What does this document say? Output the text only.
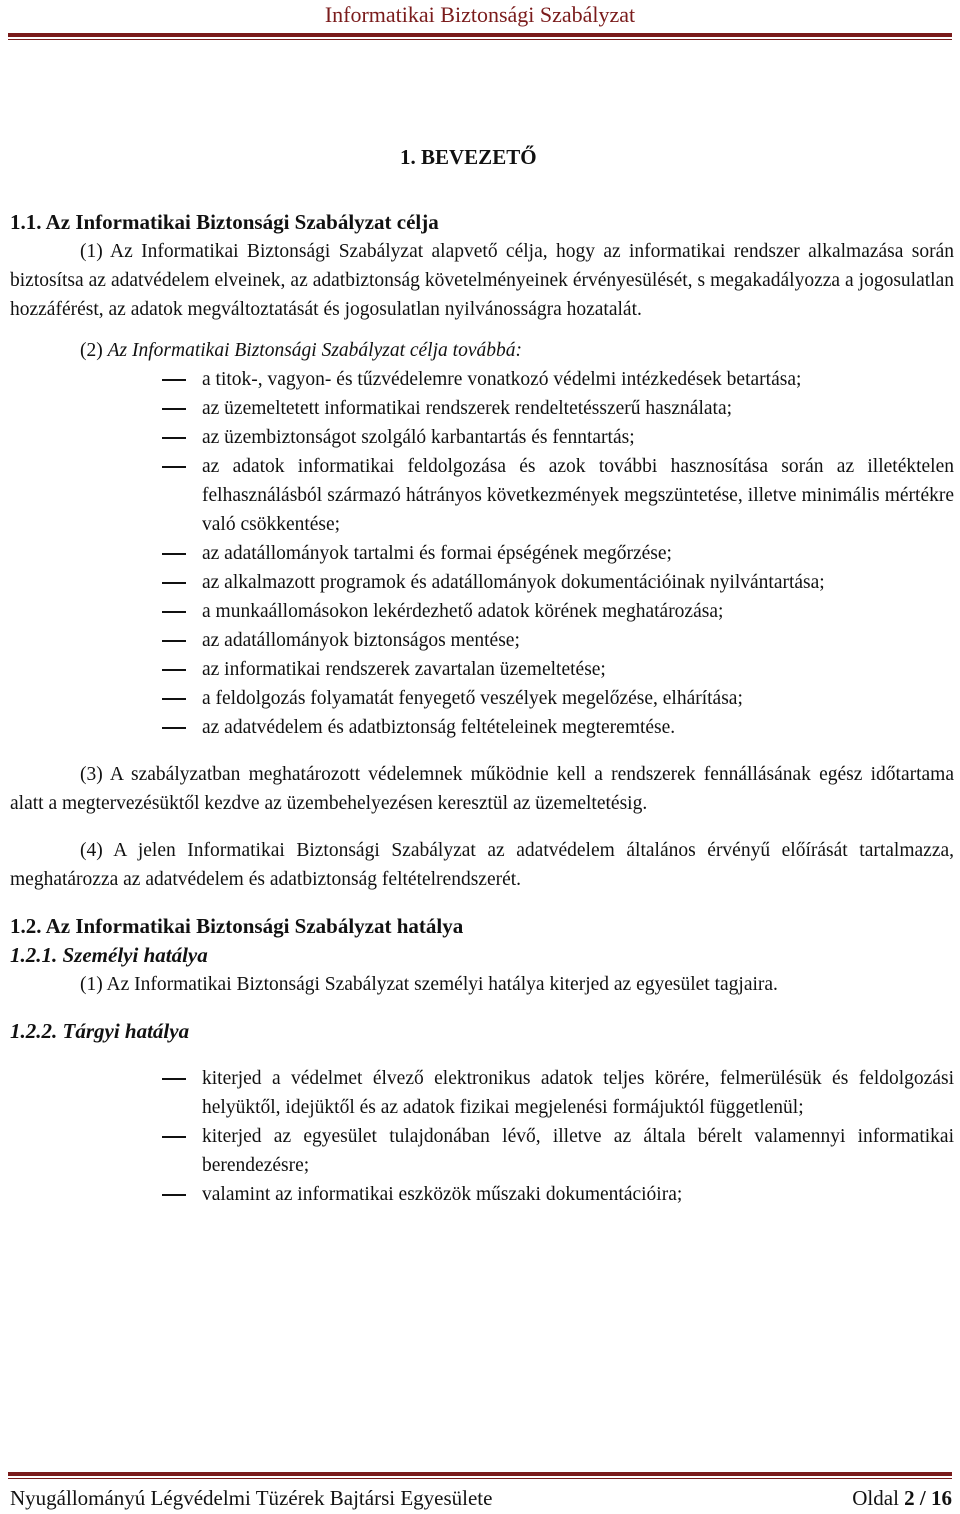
Informatikai Biztonsági Szabályzat
1. BEVEZETŐ

1.1. Az Informatikai Biztonsági Szabályzat célja

(1) Az Informatikai Biztonsági Szabályzat alapvető célja, hogy az informatikai rendszer alkalmazása során biztosítsa az adatvédelem elveinek, az adatbiztonság követelményeinek érvényesülését, s megakadályozza a jogosulatlan hozzáférést, az adatok megváltoztatását és jogosulatlan nyilvánosságra hozatalát.

(2) Az Informatikai Biztonsági Szabályzat célja továbbá:

a titok-, vagyon- és tűzvédelemre vonatkozó védelmi intézkedések betartása;
az üzemeltetett informatikai rendszerek rendeltetésszerű használata;
az üzembiztonságot szolgáló karbantartás és fenntartás;
az adatok informatikai feldolgozása és azok további hasznosítása során az illetéktelen felhasználásból származó hátrányos következmények megszüntetése, illetve minimális mértékre való csökkentése;
az adatállományok tartalmi és formai épségének megőrzése;
az alkalmazott programok és adatállományok dokumentációinak nyilvántartása;
a munkaállomásokon lekérdezhető adatok körének meghatározása;
az adatállományok biztonságos mentése;
az informatikai rendszerek zavartalan üzemeltetése;
a feldolgozás folyamatát fenyegető veszélyek megelőzése, elhárítása;
az adatvédelem és adatbiztonság feltételeinek megteremtése.

(3) A szabályzatban meghatározott védelemnek működnie kell a rendszerek fennállásának egész időtartama alatt a megtervezésüktől kezdve az üzembehelyezésen keresztül az üzemeltetésig.

(4) A jelen Informatikai Biztonsági Szabályzat az adatvédelem általános érvényű előírását tartalmazza, meghatározza az adatvédelem és adatbiztonság feltételrendszerét.

1.2. Az Informatikai Biztonsági Szabályzat hatálya

1.2.1. Személyi hatálya

(1) Az Informatikai Biztonsági Szabályzat személyi hatálya kiterjed az egyesület tagjaira.

1.2.2. Tárgyi hatálya

kiterjed a védelmet élvező elektronikus adatok teljes körére, felmerülésük és feldolgozási helyüktől, idejüktől és az adatok fizikai megjelenési formájuktól függetlenül;
kiterjed az egyesület tulajdonában lévő, illetve az általa bérelt valamennyi informatikai berendezésre;
valamint az informatikai eszközök műszaki dokumentációira;
Nyugállományú Légvédelmi Tüzérek Bajtársi Egyesülete	Oldal 2 / 16
